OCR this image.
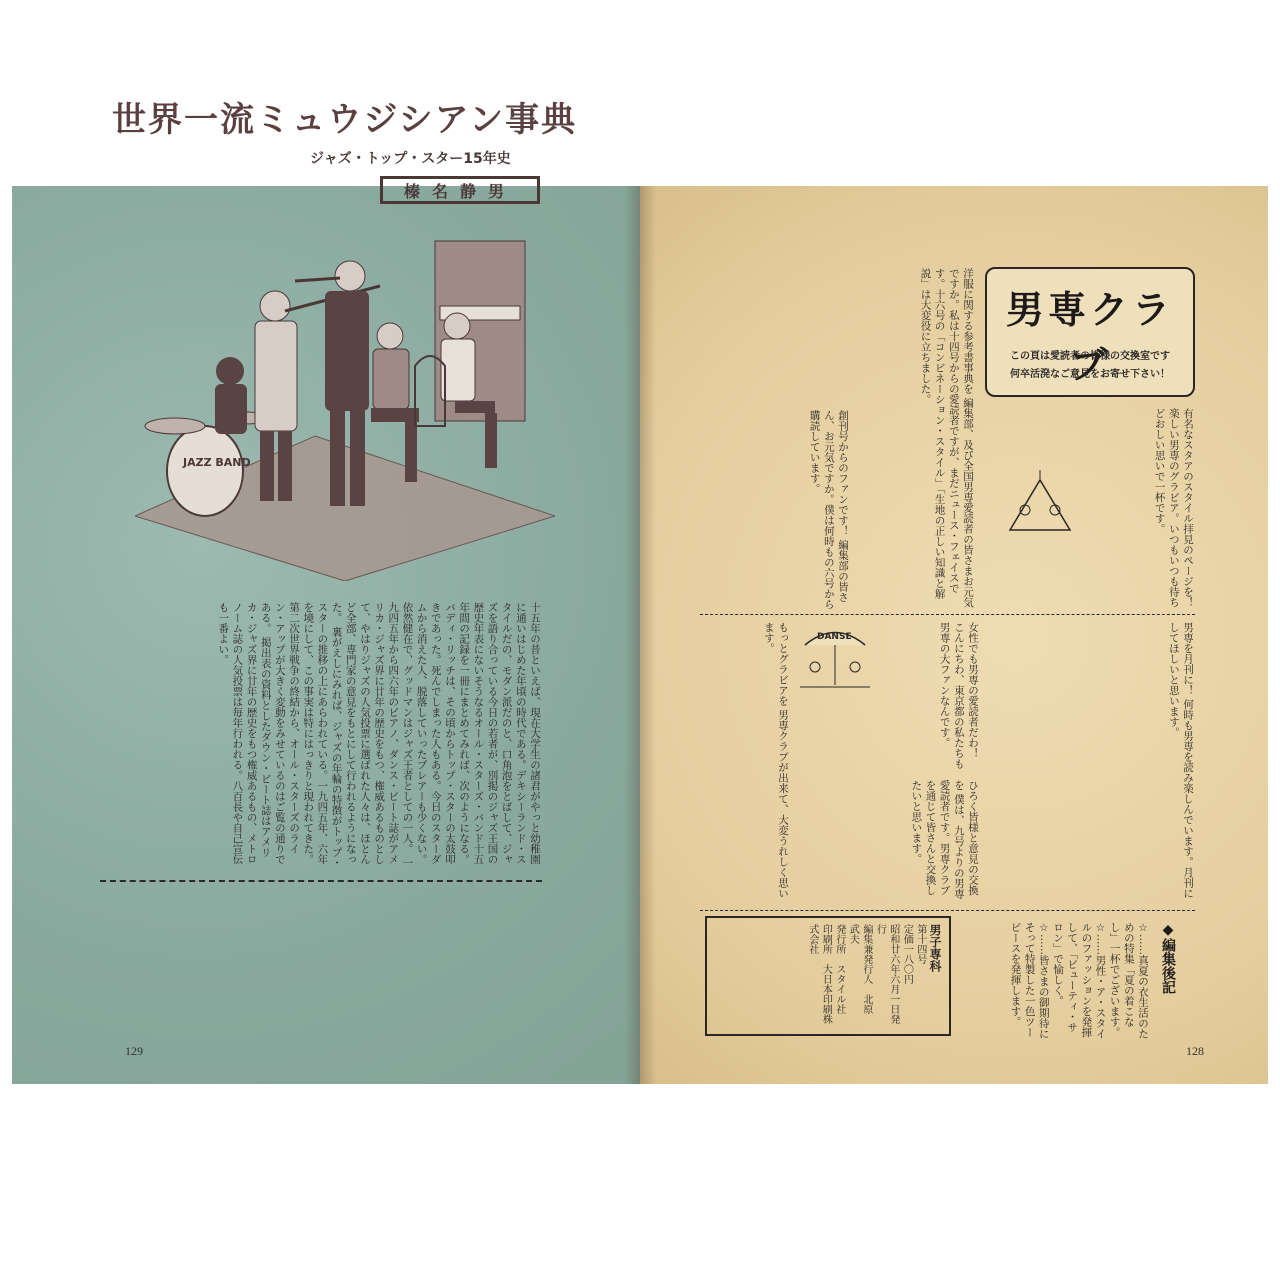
世界一流ミュウジシアン事典
ジャズ・トップ・スター15年史
榛名静男
JAZZ BAND
十五年の昔といえば、現在大学生の諸君がやっと幼稚園に通いはじめた年頃の時代である。デキシーランド・スタイルだの、モダン派だのと、口角泡をとばして、ジャズを語り合っている今日の若者が、別掲のジャズ王国の歴史年表にないそうなるオール・スターズ・バンド十五年間の記録を一冊にまとめてみれば、次のようになる。 バディ・リッチは、その頃からトップ・スターの太鼓叩きであった。死んでしまった人もある。今日のスターダムから消えた人、脱落していったプレアーも少くない。依然健在で、グッドマンはジャズ王者としての一人。 一九四五年から四六年のピアノ、ダンス・ビート誌がアメリカ・ジャズ界に廿年の歴史をもつ、権威あるものとして、やはりジャズの人気投票に選ばれた人々は、ほとんど全部、専門家の意見をもとにして行われるようになった。 裏がえしにみれば、ジャズの年輪の特徴がトップ・スターの推移の上にあらわれている。一九四五年、六年を境にして、この事実は特にはっきりと現われてきた。第二次世界戦争の終結から、オール・スターズのライン・アップが大きく変動をみせているのはご覧の通りである。 掲出表の資料としたダウン・ビート誌はアメリカ・ジャズ界に廿年の歴史をもつ権威あるもの、メトロノーム誌の人気投票は毎年行われる。八百長や自己宣伝も一番よい。
129
男専クラブ
この頁は愛読者の皆様の交換室です
何卒活溌なご意見をお寄せ下さい！
洋服に関する参考書事典を 編集部、及び全国男専愛読者の皆さまお元気ですか。私は十四号からの愛読者ですが、まだニュース・フェイスです。十六号の「コンビネーション・スタイル」「生地の正しい知識と解説」は大変役に立ちました。
有名なスタアのスタイル拝見のページを！ 楽しい男専のグラビア。いつもいつも待ちどおしい思いで一杯です。
創刊号からのファンです！ 編集部の皆さん、お元気ですか。僕は何時もの六号から購読しています。
女性でも男専の愛読者だわ！ こんにちわ、東京都の私たちも男専の大ファンなんです。
DANSE
もっとグラビアを 男専クラブが出来て、大変うれしく思います。	男専を月刊に！ 何時も男専を読み楽しんでいます。月刊にしてほしいと思います。
ひろく皆様と意見の交換を 僕は、九号よりの男専愛読者です。男専クラブを通じて皆さんと交換したいと思います。
男子専科
第十四号
定価一八〇円
昭和廿六年六月一日発行
編集兼発行人　北原　武夫
発行所　スタイル社
印刷所　大日本印刷株式会社	◆編集後記
☆……真夏の衣生活のための特集「夏の着こなし」一杯でございます。 ☆……男性・ア・スタイルのファッションを発揮して、「ビューティ・サロン」で愉しく。 ☆……皆さまの御期待にそって特製した一色ツーピースを発揮します。
128
